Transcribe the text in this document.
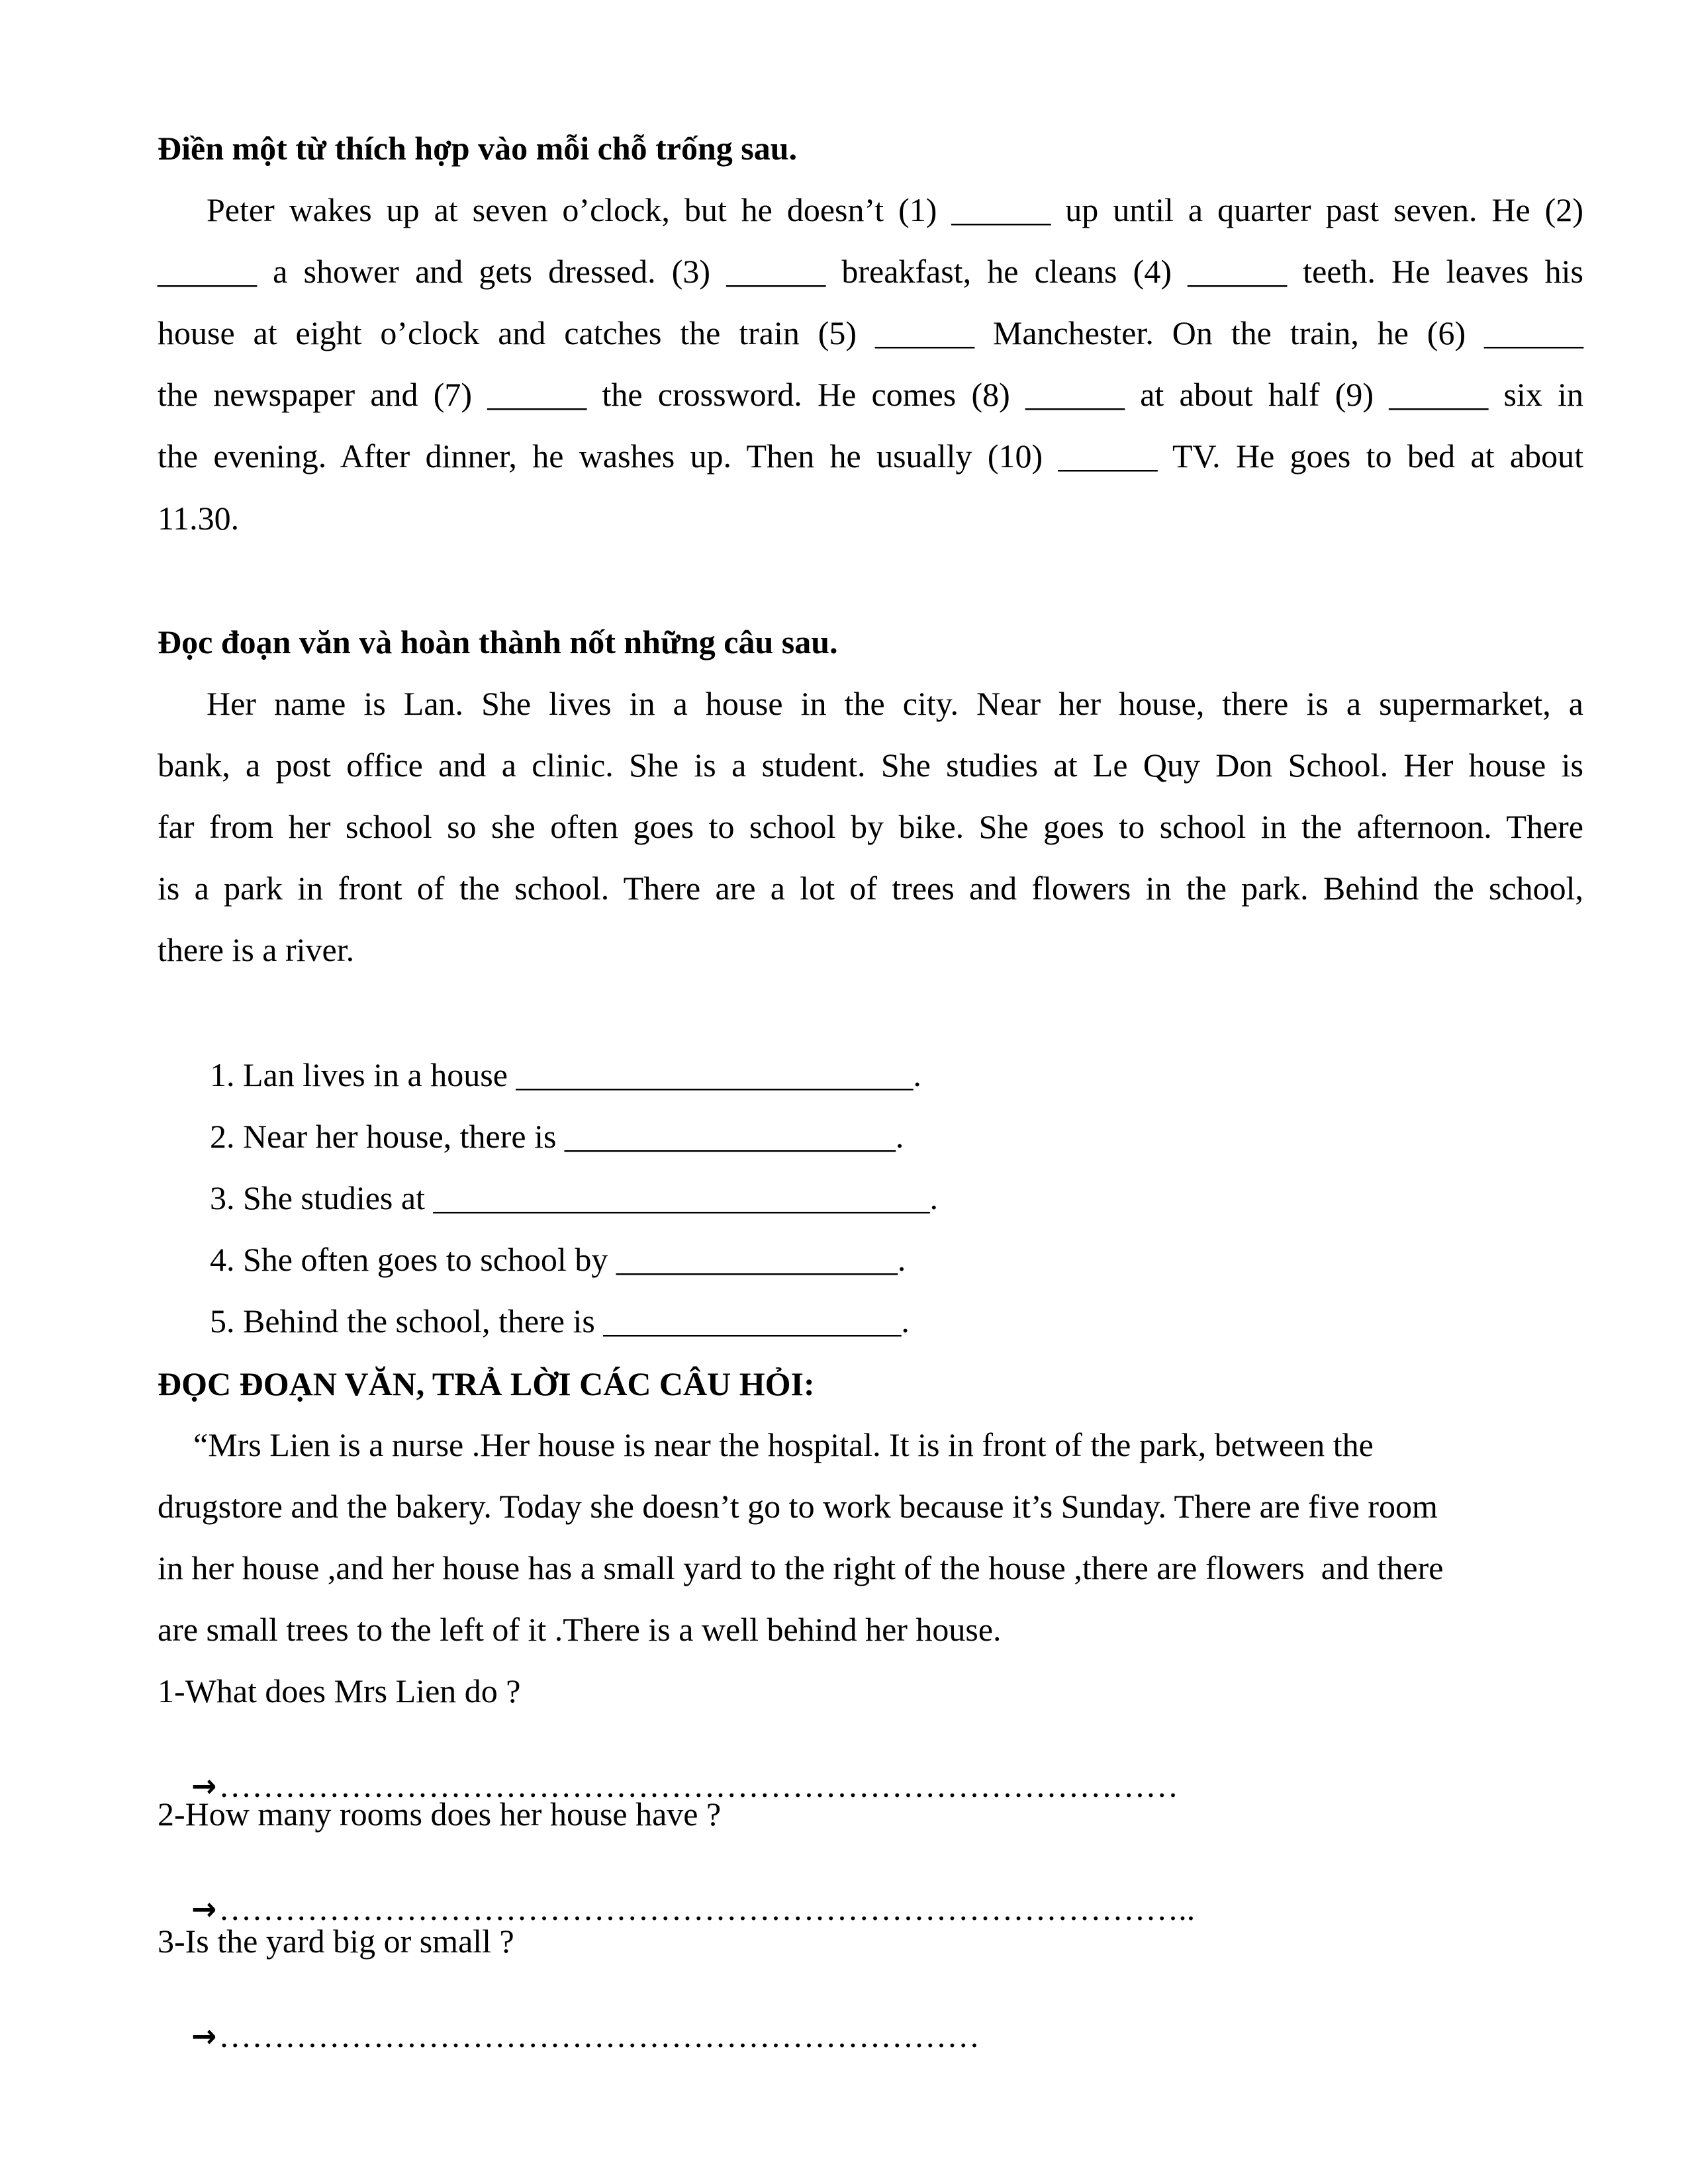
Điền một từ thích hợp vào mỗi chỗ trống sau.
Peter wakes up at seven o’clock, but he doesn’t (1) ______ up until a quarter past seven. He (2)
______ a shower and gets dressed. (3) ______ breakfast, he cleans (4) ______ teeth. He leaves his
house at eight o’clock and catches the train (5) ______ Manchester. On the train, he (6) ______
the newspaper and (7) ______ the crossword. He comes (8) ______ at about half (9) ______ six in
the evening. After dinner, he washes up. Then he usually (10) ______ TV. He goes to bed at about
11.30.
Đọc đoạn văn và hoàn thành nốt những câu sau.
Her name is Lan. She lives in a house in the city. Near her house, there is a supermarket, a
bank, a post office and a clinic. She is a student. She studies at Le Quy Don School. Her house is
far from her school so she often goes to school by bike. She goes to school in the afternoon. There
is a park in front of the school. There are a lot of trees and flowers in the park. Behind the school,
there is a river.
1. Lan lives in a house ________________________.
2. Near her house, there is ____________________.
3. She studies at ______________________________.
4. She often goes to school by _________________.
5. Behind the school, there is __________________.
ĐỌC ĐOẠN VĂN, TRẢ LỜI CÁC CÂU HỎI:
“Mrs Lien is a nurse .Her house is near the hospital. It is in front of the park, between the
drugstore and the bakery. Today she doesn’t go to work because it’s Sunday. There are five room
in her house ,and her house has a small yard to the right of the house ,there are flowers  and there
are small trees to the left of it .There is a well behind her house.
1-What does Mrs Lien do ?

→……………………………………………………………………………

2-How many rooms does her house have ?

→……………………………………………………………………………..

3-Is the yard big or small ?

→……………………………………………………………
